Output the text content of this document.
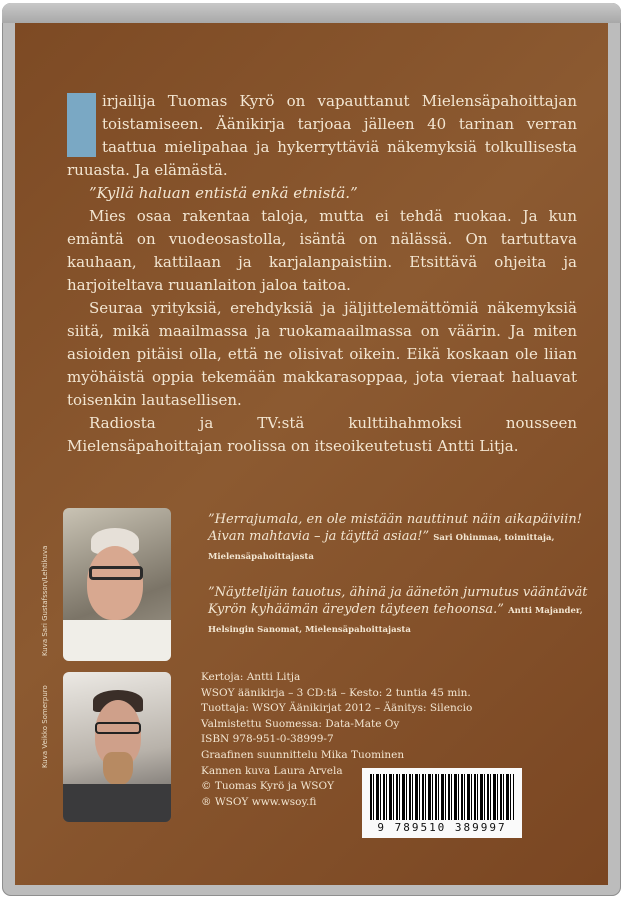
irjailija Tuomas Kyrö on vapauttanut Mielensäpahoittajan toistamiseen. Äänikirja tarjoaa jälleen 40 tarinan verran taattua mielipahaa ja hykerryttäviä näkemyksiä tolkullisesta ruuasta. Ja elämästä.

”Kyllä haluan entistä enkä etnistä.”

Mies osaa rakentaa taloja, mutta ei tehdä ruokaa. Ja kun emäntä on vuodeosastolla, isäntä on nälässä. On tartuttava kauhaan, kattilaan ja karjalanpaistiin. Etsittävä ohjeita ja harjoiteltava ruuanlaiton jaloa taitoa.

Seuraa yrityksiä, erehdyksiä ja jäljittelemättömiä näkemyksiä siitä, mikä maailmassa ja ruokamaailmassa on väärin. Ja miten asioiden pitäisi olla, että ne olisivat oikein. Eikä koskaan ole liian myöhäistä oppia tekemään makkarasoppaa, jota vieraat haluavat toisenkin lautasellisen.

Radiosta ja TV:stä kulttihahmoksi nousseen Mielensäpahoittajan roolissa on itseoikeutetusti Antti Litja.

Kuva Sari Gustafsson/Lehtikuva
Kuva Veikko Somerpuro
”Herrajumala, en ole mistään nauttinut näin aikapäiviin! Aivan mahtavia – ja täyttä asiaa!” Sari Ohinmaa, toimittaja, Mielensäpahoittajasta
”Näyttelijän tauotus, ähinä ja äänetön jurnutus vääntävät Kyrön kyhäämän äreyden täyteen tehoonsa.” Antti Majander, Helsingin Sanomat, Mielensäpahoittajasta
Kertoja: Antti Litja
WSOY äänikirja – 3 CD:tä – Kesto: 2 tuntia 45 min.
Tuottaja: WSOY Äänikirjat 2012 – Äänitys: Silencio
Valmistettu Suomessa: Data-Mate Oy
ISBN 978-951-0-38999-7
Graafinen suunnittelu Mika Tuominen
Kannen kuva Laura Arvela
© Tuomas Kyrö ja WSOY
® WSOY www.wsoy.fi
9 789510 389997
